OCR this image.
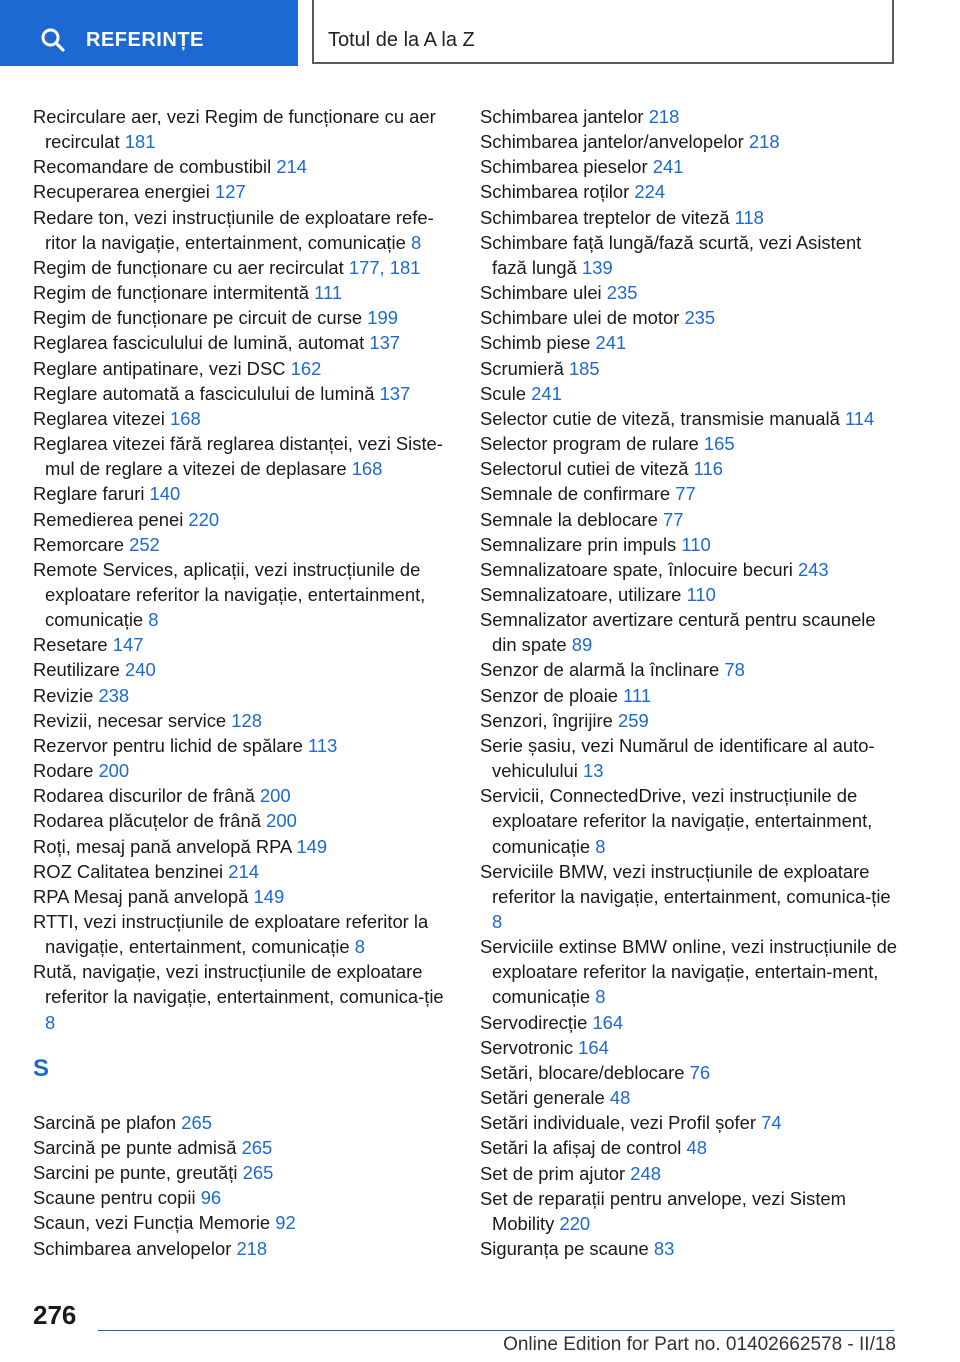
REFERINȚE	Totul de la A la Z
Recirculare aer, vezi Regim de funcționare cu aer recirculat 181
Recomandare de combustibil 214
Recuperarea energiei 127
Redare ton, vezi instrucțiunile de exploatare refe-ritor la navigație, entertainment, comunicație 8
Regim de funcționare cu aer recirculat 177, 181
Regim de funcționare intermitentă 111
Regim de funcționare pe circuit de curse 199
Reglarea fasciculului de lumină, automat 137
Reglare antipatinare, vezi DSC 162
Reglare automată a fasciculului de lumină 137
Reglarea vitezei 168
Reglarea vitezei fără reglarea distanței, vezi Siste-mul de reglare a vitezei de deplasare 168
Reglare faruri 140
Remedierea penei 220
Remorcare 252
Remote Services, aplicații, vezi instrucțiunile de exploatare referitor la navigație, entertainment, comunicație 8
Resetare 147
Reutilizare 240
Revizie 238
Revizii, necesar service 128
Rezervor pentru lichid de spălare 113
Rodare 200
Rodarea discurilor de frână 200
Rodarea plăcuțelor de frână 200
Roți, mesaj pană anvelopă RPA 149
ROZ Calitatea benzinei 214
RPA Mesaj pană anvelopă 149
RTTI, vezi instrucțiunile de exploatare referitor la navigație, entertainment, comunicație 8
Rută, navigație, vezi instrucțiunile de exploatare referitor la navigație, entertainment, comunica-ție 8
S
Sarcină pe plafon 265
Sarcină pe punte admisă 265
Sarcini pe punte, greutăți 265
Scaune pentru copii 96
Scaun, vezi Funcția Memorie 92
Schimbarea anvelopelor 218
Schimbarea jantelor 218
Schimbarea jantelor/anvelopelor 218
Schimbarea pieselor 241
Schimbarea roților 224
Schimbarea treptelor de viteză 118
Schimbare față lungă/fază scurtă, vezi Asistent fază lungă 139
Schimbare ulei 235
Schimbare ulei de motor 235
Schimb piese 241
Scrumieră 185
Scule 241
Selector cutie de viteză, transmisie manuală 114
Selector program de rulare 165
Selectorul cutiei de viteză 116
Semnale de confirmare 77
Semnale la deblocare 77
Semnalizare prin impuls 110
Semnalizatoare spate, înlocuire becuri 243
Semnalizatoare, utilizare 110
Semnalizator avertizare centură pentru scaunele din spate 89
Senzor de alarmă la înclinare 78
Senzor de ploaie 111
Senzori, îngrijire 259
Serie șasiu, vezi Numărul de identificare al auto-vehiculului 13
Servicii, ConnectedDrive, vezi instrucțiunile de exploatare referitor la navigație, entertainment, comunicație 8
Serviciile BMW, vezi instrucțiunile de exploatare referitor la navigație, entertainment, comunica-ție 8
Serviciile extinse BMW online, vezi instrucțiunile de exploatare referitor la navigație, entertain-ment, comunicație 8
Servodirecție 164
Servotronic 164
Setări, blocare/deblocare 76
Setări generale 48
Setări individuale, vezi Profil șofer 74
Setări la afișaj de control 48
Set de prim ajutor 248
Set de reparații pentru anvelope, vezi Sistem Mobility 220
Siguranța pe scaune 83
276
Online Edition for Part no. 01402662578 - II/18
